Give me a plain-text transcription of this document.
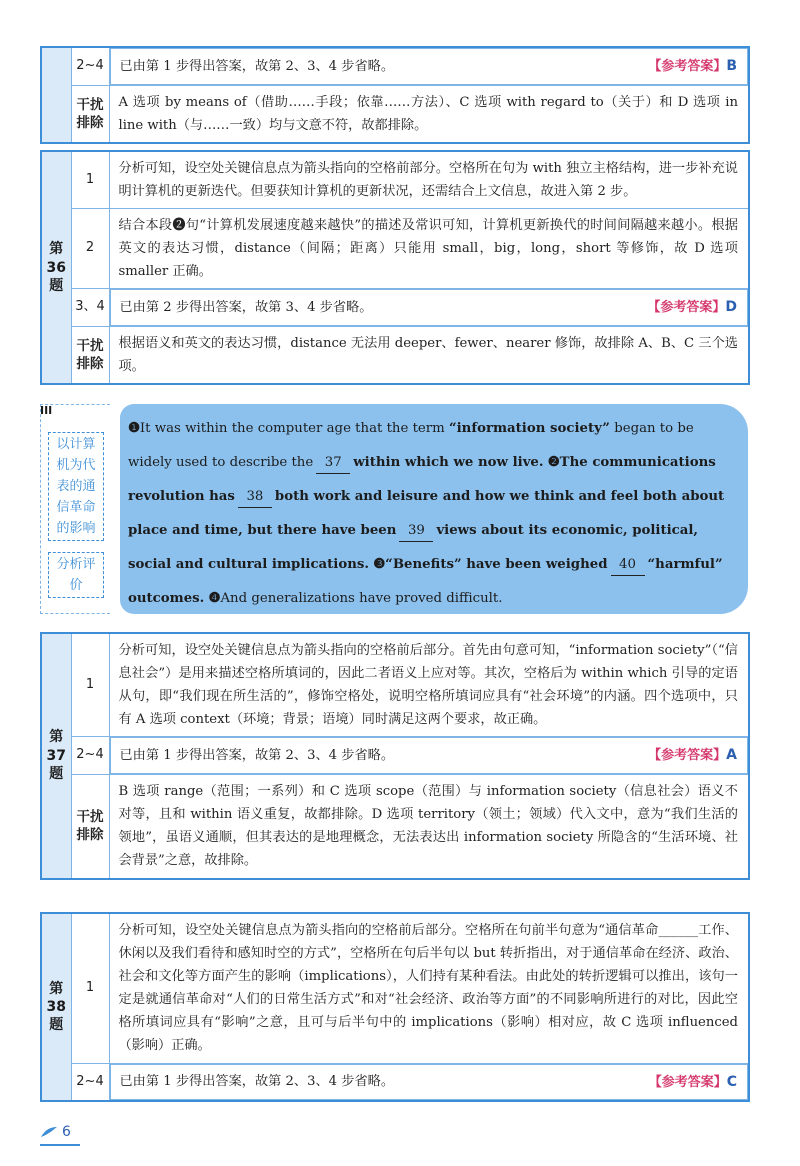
	2~4	已由第 1 步得出答案，故第 2、3、4 步省略。	【参考答案】B

	干扰排除	A 选项 by means of（借助……手段；依靠……方法）、C 选项 with regard to（关于）和 D 选项 in line with（与……一致）均与文意不符，故都排除。
第36题	1	分析可知，设空处关键信息点为箭头指向的空格前部分。空格所在句为 with 独立主格结构，进一步补充说明计算机的更新迭代。但要获知计算机的更新状况，还需结合上文信息，故进入第 2 步。
	2	结合本段❷句“计算机发展速度越来越快”的描述及常识可知，计算机更新换代的时间间隔越来越小。根据英文的表达习惯，distance（间隔；距离）只能用 small，big，long，short 等修饰，故 D 选项 smaller 正确。
	3、4	已由第 2 步得出答案，故第 3、4 步省略。	【参考答案】D

	干扰排除	根据语义和英文的表达习惯，distance 无法用 deeper、fewer、nearer 修饰，故排除 A、B、C 三个选项。
III
以计算机为代表的通信革命的影响
分析评价
❶It was within the computer age that the term “information society” began to be widely used to describe the 37 within which we now live. ❷The communications revolution has 38 both work and leisure and how we think and feel both about place and time, but there have been 39 views about its economic, political, social and cultural implications. ❸“Benefits” have been weighed 40 “harmful” outcomes. ❹And generalizations have proved difficult.
第37题	1	分析可知，设空处关键信息点为箭头指向的空格前后部分。首先由句意可知，“information society”（“信息社会”）是用来描述空格所填词的，因此二者语义上应对等。其次，空格后为 within which 引导的定语从句，即“我们现在所生活的”，修饰空格处，说明空格所填词应具有“社会环境”的内涵。四个选项中，只有 A 选项 context（环境；背景；语境）同时满足这两个要求，故正确。
	2~4	已由第 1 步得出答案，故第 2、3、4 步省略。	【参考答案】A

	干扰排除	B 选项 range（范围；一系列）和 C 选项 scope（范围）与 information society（信息社会）语义不对等，且和 within 语义重复，故都排除。D 选项 territory（领土；领域）代入文中，意为“我们生活的领地”，虽语义通顺，但其表达的是地理概念，无法表达出 information society 所隐含的“生活环境、社会背景”之意，故排除。
第38题	1	分析可知，设空处关键信息点为箭头指向的空格前后部分。空格所在句前半句意为“通信革命______工作、休闲以及我们看待和感知时空的方式”，空格所在句后半句以 but 转折指出，对于通信革命在经济、政治、社会和文化等方面产生的影响（implications），人们持有某种看法。由此处的转折逻辑可以推出，该句一定是就通信革命对“人们的日常生活方式”和对“社会经济、政治等方面”的不同影响所进行的对比，因此空格所填词应具有“影响”之意，且可与后半句中的 implications（影响）相对应，故 C 选项 influenced（影响）正确。
	2~4	已由第 1 步得出答案，故第 2、3、4 步省略。	【参考答案】C
6
